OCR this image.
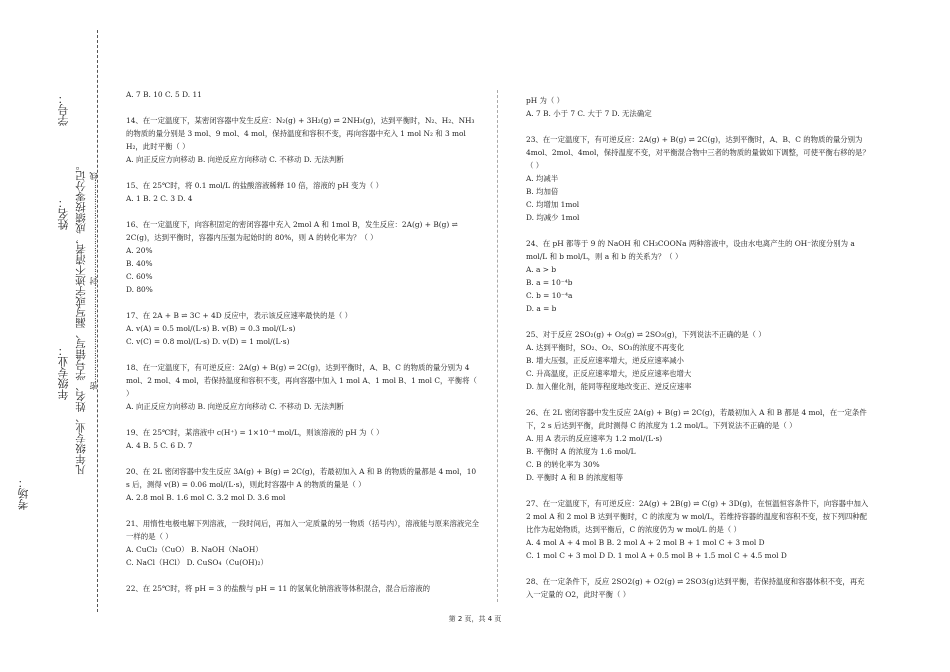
学号：
姓名：
年级专业：
考场：
凡年级专业、姓名、学号错写、漏写或字迹不清者，成绩按零分记。 密……………………………………封……………………………………线

A. 7 B. 10 C. 5 D. 11

14、在一定温度下，某密闭容器中发生反应：N₂(g) + 3H₂(g) ⇌ 2NH₃(g)，达到平衡时，N₂、H₂、NH₃的物质的量分别是 3 mol、9 mol、4 mol，保持温度和容积不变，再向容器中充入 1 mol N₂ 和 3 mol H₂，此时平衡（ ）

A. 向正反应方向移动 B. 向逆反应方向移动 C. 不移动 D. 无法判断

15、在 25℃时，将 0.1 mol/L 的盐酸溶液稀释 10 倍，溶液的 pH 变为（ ）

A. 1 B. 2 C. 3 D. 4

16、在一定温度下，向容积固定的密闭容器中充入 2mol A 和 1mol B，发生反应：2A(g) + B(g) ⇌ 2C(g)，达到平衡时，容器内压强为起始时的 80%，则 A 的转化率为？（ ）

A. 20%

B. 40%

C. 60%

D. 80%

17、在 2A + B ⇌ 3C + 4D 反应中，表示该反应速率最快的是（ ）

A. v(A) = 0.5 mol/(L·s) B. v(B) = 0.3 mol/(L·s)

C. v(C) = 0.8 mol/(L·s) D. v(D) = 1 mol/(L·s)

18、在一定温度下，有可逆反应：2A(g) + B(g) ⇌ 2C(g)，达到平衡时，A、B、C 的物质的量分别为 4 mol、2 mol、4 mol，若保持温度和容积不变，再向容器中加入 1 mol A、1 mol B、1 mol C，平衡将（ ）

A. 向正反应方向移动 B. 向逆反应方向移动 C. 不移动 D. 无法判断

19、在 25℃时，某溶液中 c(H⁺) = 1×10⁻⁴ mol/L，则该溶液的 pH 为（ ）

A. 4 B. 5 C. 6 D. 7

20、在 2L 密闭容器中发生反应 3A(g) + B(g) ⇌ 2C(g)，若最初加入 A 和 B 的物质的量都是 4 mol，10 s 后，测得 v(B) = 0.06 mol/(L·s)，则此时容器中 A 的物质的量是（ ）

A. 2.8 mol B. 1.6 mol C. 3.2 mol D. 3.6 mol

21、用惰性电极电解下列溶液，一段时间后，再加入一定质量的另一物质（括号内），溶液能与原来溶液完全一样的是（ ）

A. CuCl₂（CuO） B. NaOH（NaOH）

C. NaCl（HCl） D. CuSO₄（Cu(OH)₂）

22、在 25℃时，将 pH = 3 的盐酸与 pH = 11 的氢氧化钠溶液等体积混合，混合后溶液的

pH 为（ ）

A. 7 B. 小于 7 C. 大于 7 D. 无法确定

23、在一定温度下，有可逆反应：2A(g) + B(g) ⇌ 2C(g)，达到平衡时，A、B、C 的物质的量分别为 4mol、2mol、4mol，保持温度不变，对平衡混合物中三者的物质的量做如下调整，可使平衡右移的是？（ ）

A. 均减半

B. 均加倍

C. 均增加 1mol

D. 均减少 1mol

24、在 pH 都等于 9 的 NaOH 和 CH₃COONa 两种溶液中，设由水电离产生的 OH⁻浓度分别为 a mol/L 和 b mol/L，则 a 和 b 的关系为？（ ）

A. a > b

B. a = 10⁻⁴b

C. b = 10⁻⁴a

D. a = b

25、对于反应 2SO₂(g) + O₂(g) ⇌ 2SO₃(g)，下列说法不正确的是（ ）

A. 达到平衡时，SO₂、O₂、SO₃的浓度不再变化

B. 增大压强，正反应速率增大，逆反应速率减小

C. 升高温度，正反应速率增大，逆反应速率也增大

D. 加入催化剂，能同等程度地改变正、逆反应速率

26、在 2L 密闭容器中发生反应 2A(g) + B(g) ⇌ 2C(g)，若最初加入 A 和 B 都是 4 mol，在一定条件下，2 s 后达到平衡，此时测得 C 的浓度为 1.2 mol/L。下列说法不正确的是（ ）

A. 用 A 表示的反应速率为 1.2 mol/(L·s)

B. 平衡时 A 的浓度为 1.6 mol/L

C. B 的转化率为 30%

D. 平衡时 A 和 B 的浓度相等

27、在一定温度下，有可逆反应：2A(g) + 2B(g) ⇌ C(g) + 3D(g)，在恒温恒容条件下，向容器中加入 2 mol A 和 2 mol B 达到平衡时，C 的浓度为 w mol/L，若维持容器的温度和容积不变，按下列四种配比作为起始物质，达到平衡后，C 的浓度仍为 w mol/L 的是（ ）

A. 4 mol A + 4 mol B B. 2 mol A + 2 mol B + 1 mol C + 3 mol D

C. 1 mol C + 3 mol D D. 1 mol A + 0.5 mol B + 1.5 mol C + 4.5 mol D

28、在一定条件下，反应 2SO2(g) + O2(g) ⇌ 2SO3(g)达到平衡，若保持温度和容器体积不变，再充入一定量的 O2，此时平衡（ ）

第 2 页，共 4 页
